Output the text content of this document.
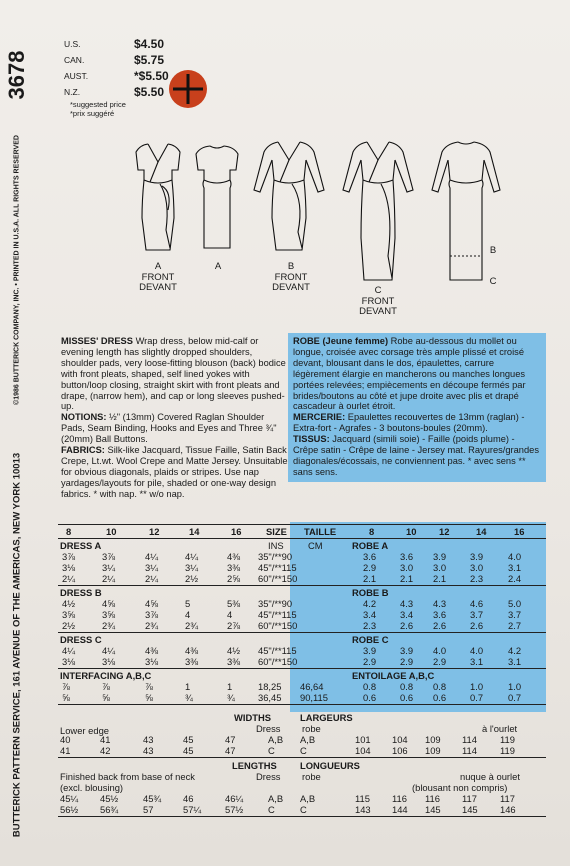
3678
©1986 BUTTERICK COMPANY, INC. • PRINTED IN U.S.A. ALL RIGHTS RESERVED
BUTTERICK PATTERN SERVICE, 161 AVENUE OF THE AMERICAS, NEW YORK 10013
U.S.	$4.50
CAN.	$5.75
AUST.	*$5.50
N.Z.	$5.50
*suggested price
*prix suggéré
A
FRONT
DEVANT
A	B
FRONT
DEVANT	C
FRONT
DEVANT
B
C
MISSES' DRESS Wrap dress, below mid-calf or evening length has slightly dropped shoulders, shoulder pads, very loose-fitting blouson (back) bodice with front pleats, shaped, self lined yokes with button/loop closing, straight skirt with front pleats and drape, (narrow hem), and cap or long sleeves pushed-up.
NOTIONS: ½" (13mm) Covered Raglan Shoulder Pads, Seam Binding, Hooks and Eyes and Three ¾" (20mm) Ball Buttons.
FABRICS: Silk-like Jacquard, Tissue Faille, Satin Back Crepe, Lt.wt. Wool Crepe and Matte Jersey. Unsuitable for obvious diagonals, plaids or stripes. Use nap yardages/layouts for pile, shaded or one-way design fabrics. * with nap. ** w/o nap.
ROBE (Jeune femme) Robe au-dessous du mollet ou longue, croisée avec corsage très ample plissé et croisé devant, blousant dans le dos, épaulettes, carrure légèrement élargie en mancherons ou manches longues portées relevées; empiècements en découpe fermés par brides/boutons au côté et jupe droite avec plis et drapé cascadeur à ourlet étroit.
MERCERIE: Epaulettes recouvertes de 13mm (raglan) - Extra-fort - Agrafes - 3 boutons-boules (20mm).
TISSUS: Jacquard (simili soie) - Faille (poids plume) - Crêpe satin - Crêpe de laine - Jersey mat. Rayures/grandes diagonales/écossais, ne conviennent pas. * avec sens ** sans sens.
8	10	12	14	16	SIZE TAILLE	8	10 12	14	16
DRESS A	ROBE A
INS	CM
3⅞	3⅞	4¼	4¼	4⅜ 35"/**90	3.6	3.6 3.9	3.9	4.0
3⅛	3¼	3¼	3¼	3⅜ 45"/**115	2.9	3.0 3.0	3.0	3.1
2¼	2¼	2¼	2½	2⅝ 60"/**150	2.1	2.1 2.1	2.3	2.4
DRESS B	ROBE B
4½	4⅝	4⅝	5	5⅜ 35"/**90	4.2	4.3 4.3	4.6	5.0
3⅝	3⅝	3⅞	4	4	45"/**115	3.4	3.4 3.6	3.7	3.7
2½	2¾	2¾	2¾	2⅞ 60"/**150	2.3	2.6 2.6	2.6	2.7
DRESS C	ROBE C
4¼	4¼	4⅜	4⅜	4½ 45"/**115	3.9	3.9 4.0	4.0	4.2
3⅛	3⅛	3⅛	3⅜	3⅜ 60"/**150	2.9	2.9 2.9	3.1	3.1
INTERFACING A,B,C	ENTOILAGE A,B,C
⅞	⅞	⅞	1	1	18,25 46,64	0.8	0.8 0.8	1.0	1.0
⅝	⅝	⅝	¾	¾ 36,45 90,115	0.6	0.6 0.6	0.7	0.7
WIDTHS	LARGEURS
Dress robe	à l'ourlet
Lower edge
40	41	43	45	47	A,B A,B	101 104 109 114 119
41	42	43	45	47	C	C	104 106 109 114 119
LENGTHS LONGUEURS
Dress robe	nuque à ourlet
Finished back from base of neck
(excl. blousing)	(blousant non compris)
45¼ 45½	45¾ 46	46¼	A,B A,B	115 116 116 117 117
56½ 56¾	57	57¼	57½	C	C	143 144 145 145 146
